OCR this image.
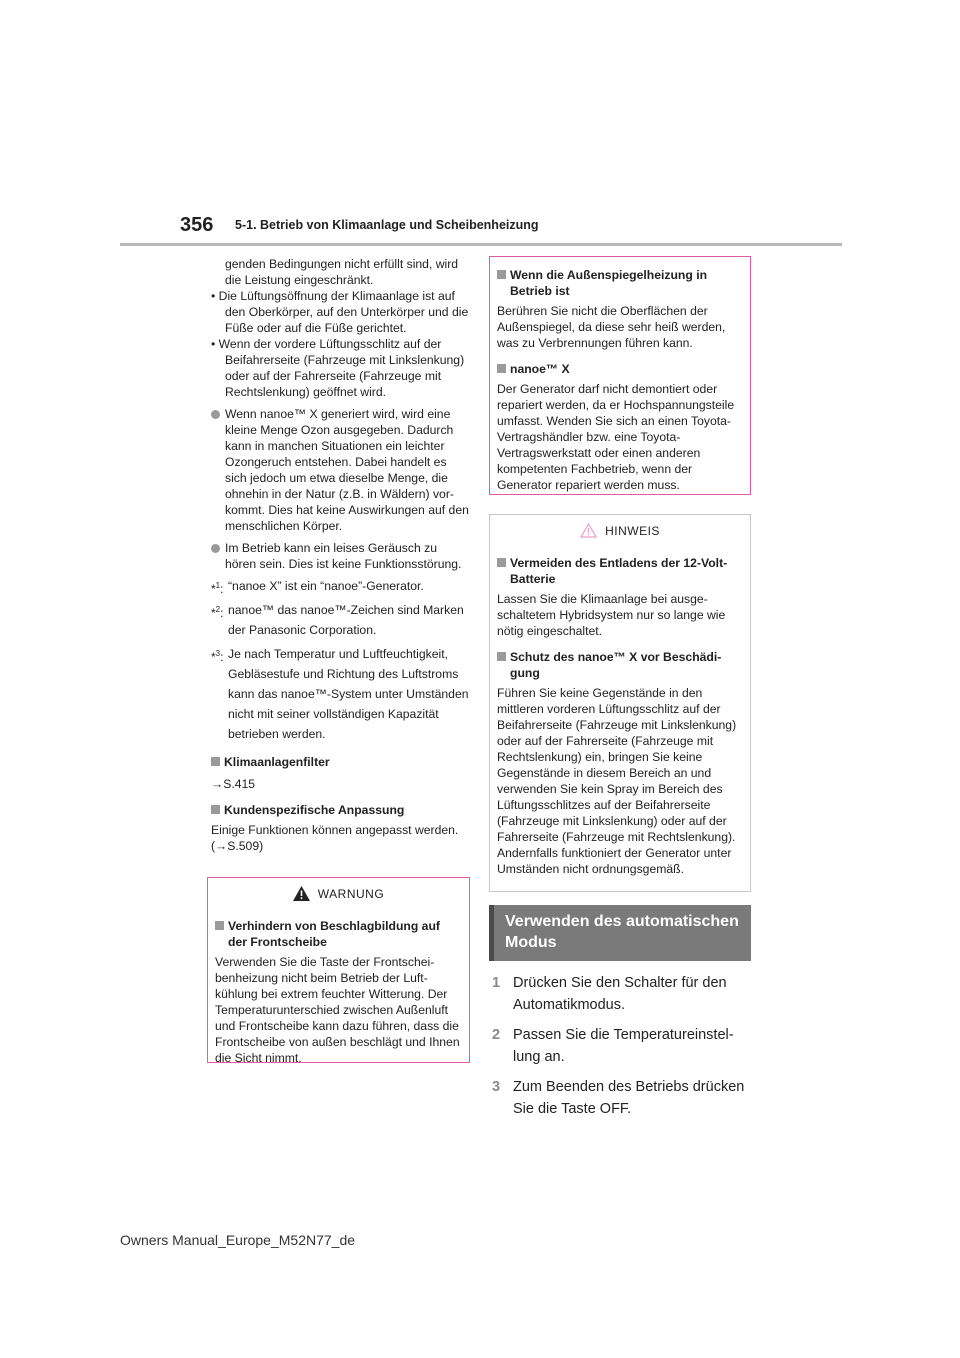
356 5-1. Betrieb von Klimaanlage und Scheibenheizung

genden Bedingungen nicht erfüllt sind, wird die Leistung eingeschränkt.

• Die Lüftungsöffnung der Klimaanlage ist auf den Oberkörper, auf den Unterkörper und die Füße oder auf die Füße gerichtet.

• Wenn der vordere Lüftungsschlitz auf der Beifahrerseite (Fahrzeuge mit Linkslenkung) oder auf der Fahrerseite (Fahrzeuge mit Rechtslenkung) geöffnet wird.

Wenn nanoe™ X generiert wird, wird eine kleine Menge Ozon ausgegeben. Dadurch kann in manchen Situationen ein leichter Ozongeruch entstehen. Dabei handelt es sich jedoch um etwa dieselbe Menge, die ohnehin in der Natur (z.B. in Wäldern) vorkommt. Dies hat keine Auswirkungen auf den menschlichen Körper.
Im Betrieb kann ein leises Geräusch zu hören sein. Dies ist keine Funktionsstörung.
*$^1$: “nanoe X” ist ein “nanoe”-Generator.
*$^2$: nanoe™ das nanoe™-Zeichen sind Marken der Panasonic Corporation.
*$^3$: Je nach Temperatur und Luftfeuchtigkeit, Gebläsestufe und Richtung des Luftstroms kann das nanoe™-System unter Umständen nicht mit seiner vollständigen Kapazität betrieben werden.
Klimaanlagenfilter

→S.415

Kundenspezifische Anpassung

Einige Funktionen können angepasst werden. (→S.509)

WARNUNG
Verhindern von Beschlagbildung auf der Frontscheibe

Verwenden Sie die Taste der Frontscheibenheizung nicht beim Betrieb der Luftkühlung bei extrem feuchter Witterung. Der Temperaturunterschied zwischen Außenluft und Frontscheibe kann dazu führen, dass die Frontscheibe von außen beschlägt und Ihnen die Sicht nimmt.

Wenn die Außenspiegelheizung in Betrieb ist

Berühren Sie nicht die Oberflächen der Außenspiegel, da diese sehr heiß werden, was zu Verbrennungen führen kann.

nanoe™ X

Der Generator darf nicht demontiert oder repariert werden, da er Hochspannungsteile umfasst. Wenden Sie sich an einen Toyota-Vertragshändler bzw. eine Toyota-Vertragswerkstatt oder einen anderen kompetenten Fachbetrieb, wenn der Generator repariert werden muss.

HINWEIS
Vermeiden des Entladens der 12-Volt-Batterie

Lassen Sie die Klimaanlage bei ausgeschaltetem Hybridsystem nur so lange wie nötig eingeschaltet.

Schutz des nanoe™ X vor Beschädigung

Führen Sie keine Gegenstände in den mittleren vorderen Lüftungsschlitz auf der Beifahrerseite (Fahrzeuge mit Linkslenkung) oder auf der Fahrerseite (Fahrzeuge mit Rechtslenkung) ein, bringen Sie keine Gegenstände in diesem Bereich an und verwenden Sie kein Spray im Bereich des Lüftungsschlitzes auf der Beifahrerseite (Fahrzeuge mit Linkslenkung) oder auf der Fahrerseite (Fahrzeuge mit Rechtslenkung). Andernfalls funktioniert der Generator unter Umständen nicht ordnungsgemäß.

Verwenden des automatischen Modus
1 Drücken Sie den Schalter für den Automatikmodus.
2 Passen Sie die Temperatureinstellung an.
3 Zum Beenden des Betriebs drücken Sie die Taste OFF.
Owners Manual_Europe_M52N77_de
